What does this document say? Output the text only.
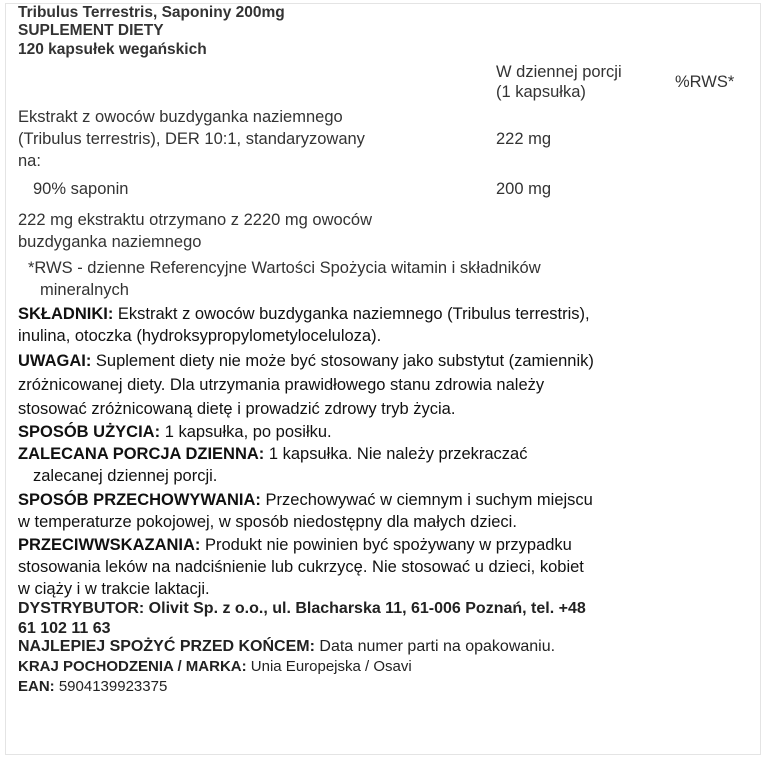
Tribulus Terrestris, Saponiny 200mg
SUPLEMENT DIETY
120 kapsułek wegańskich
W dziennej porcji
(1 kapsułka)
%RWS*
Ekstrakt z owoców buzdyganka naziemnego
(Tribulus terrestris), DER 10:1, standaryzowany
na:
222 mg
90% saponin	200 mg
222 mg ekstraktu otrzymano z 2220 mg owoców
buzdyganka naziemnego
*RWS - dzienne Referencyjne Wartości Spożycia witamin i składników
mineralnych
SKŁADNIKI: Ekstrakt z owoców buzdyganka naziemnego (Tribulus terrestris),
inulina, otoczka (hydroksypropylometyloceluloza).
UWAGAI: Suplement diety nie może być stosowany jako substytut (zamiennik)
zróżnicowanej diety. Dla utrzymania prawidłowego stanu zdrowia należy
stosować zróżnicowaną dietę i prowadzić zdrowy tryb życia.
SPOSÓB UŻYCIA: 1 kapsułka, po posiłku.
ZALECANA PORCJA DZIENNA: 1 kapsułka. Nie należy przekraczać
zalecanej dziennej porcji.
SPOSÓB PRZECHOWYWANIA: Przechowywać w ciemnym i suchym miejscu
w temperaturze pokojowej, w sposób niedostępny dla małych dzieci.
PRZECIWWSKAZANIA: Produkt nie powinien być spożywany w przypadku
stosowania leków na nadciśnienie lub cukrzycę. Nie stosować u dzieci, kobiet
w ciąży i w trakcie laktacji.
DYSTRYBUTOR: Olivit Sp. z o.o., ul. Blacharska 11, 61-006 Poznań, tel. +48
61 102 11 63
NAJLEPIEJ SPOŻYĆ PRZED KOŃCEM: Data numer parti na opakowaniu.
KRAJ POCHODZENIA / MARKA: Unia Europejska / Osavi
EAN: 5904139923375
